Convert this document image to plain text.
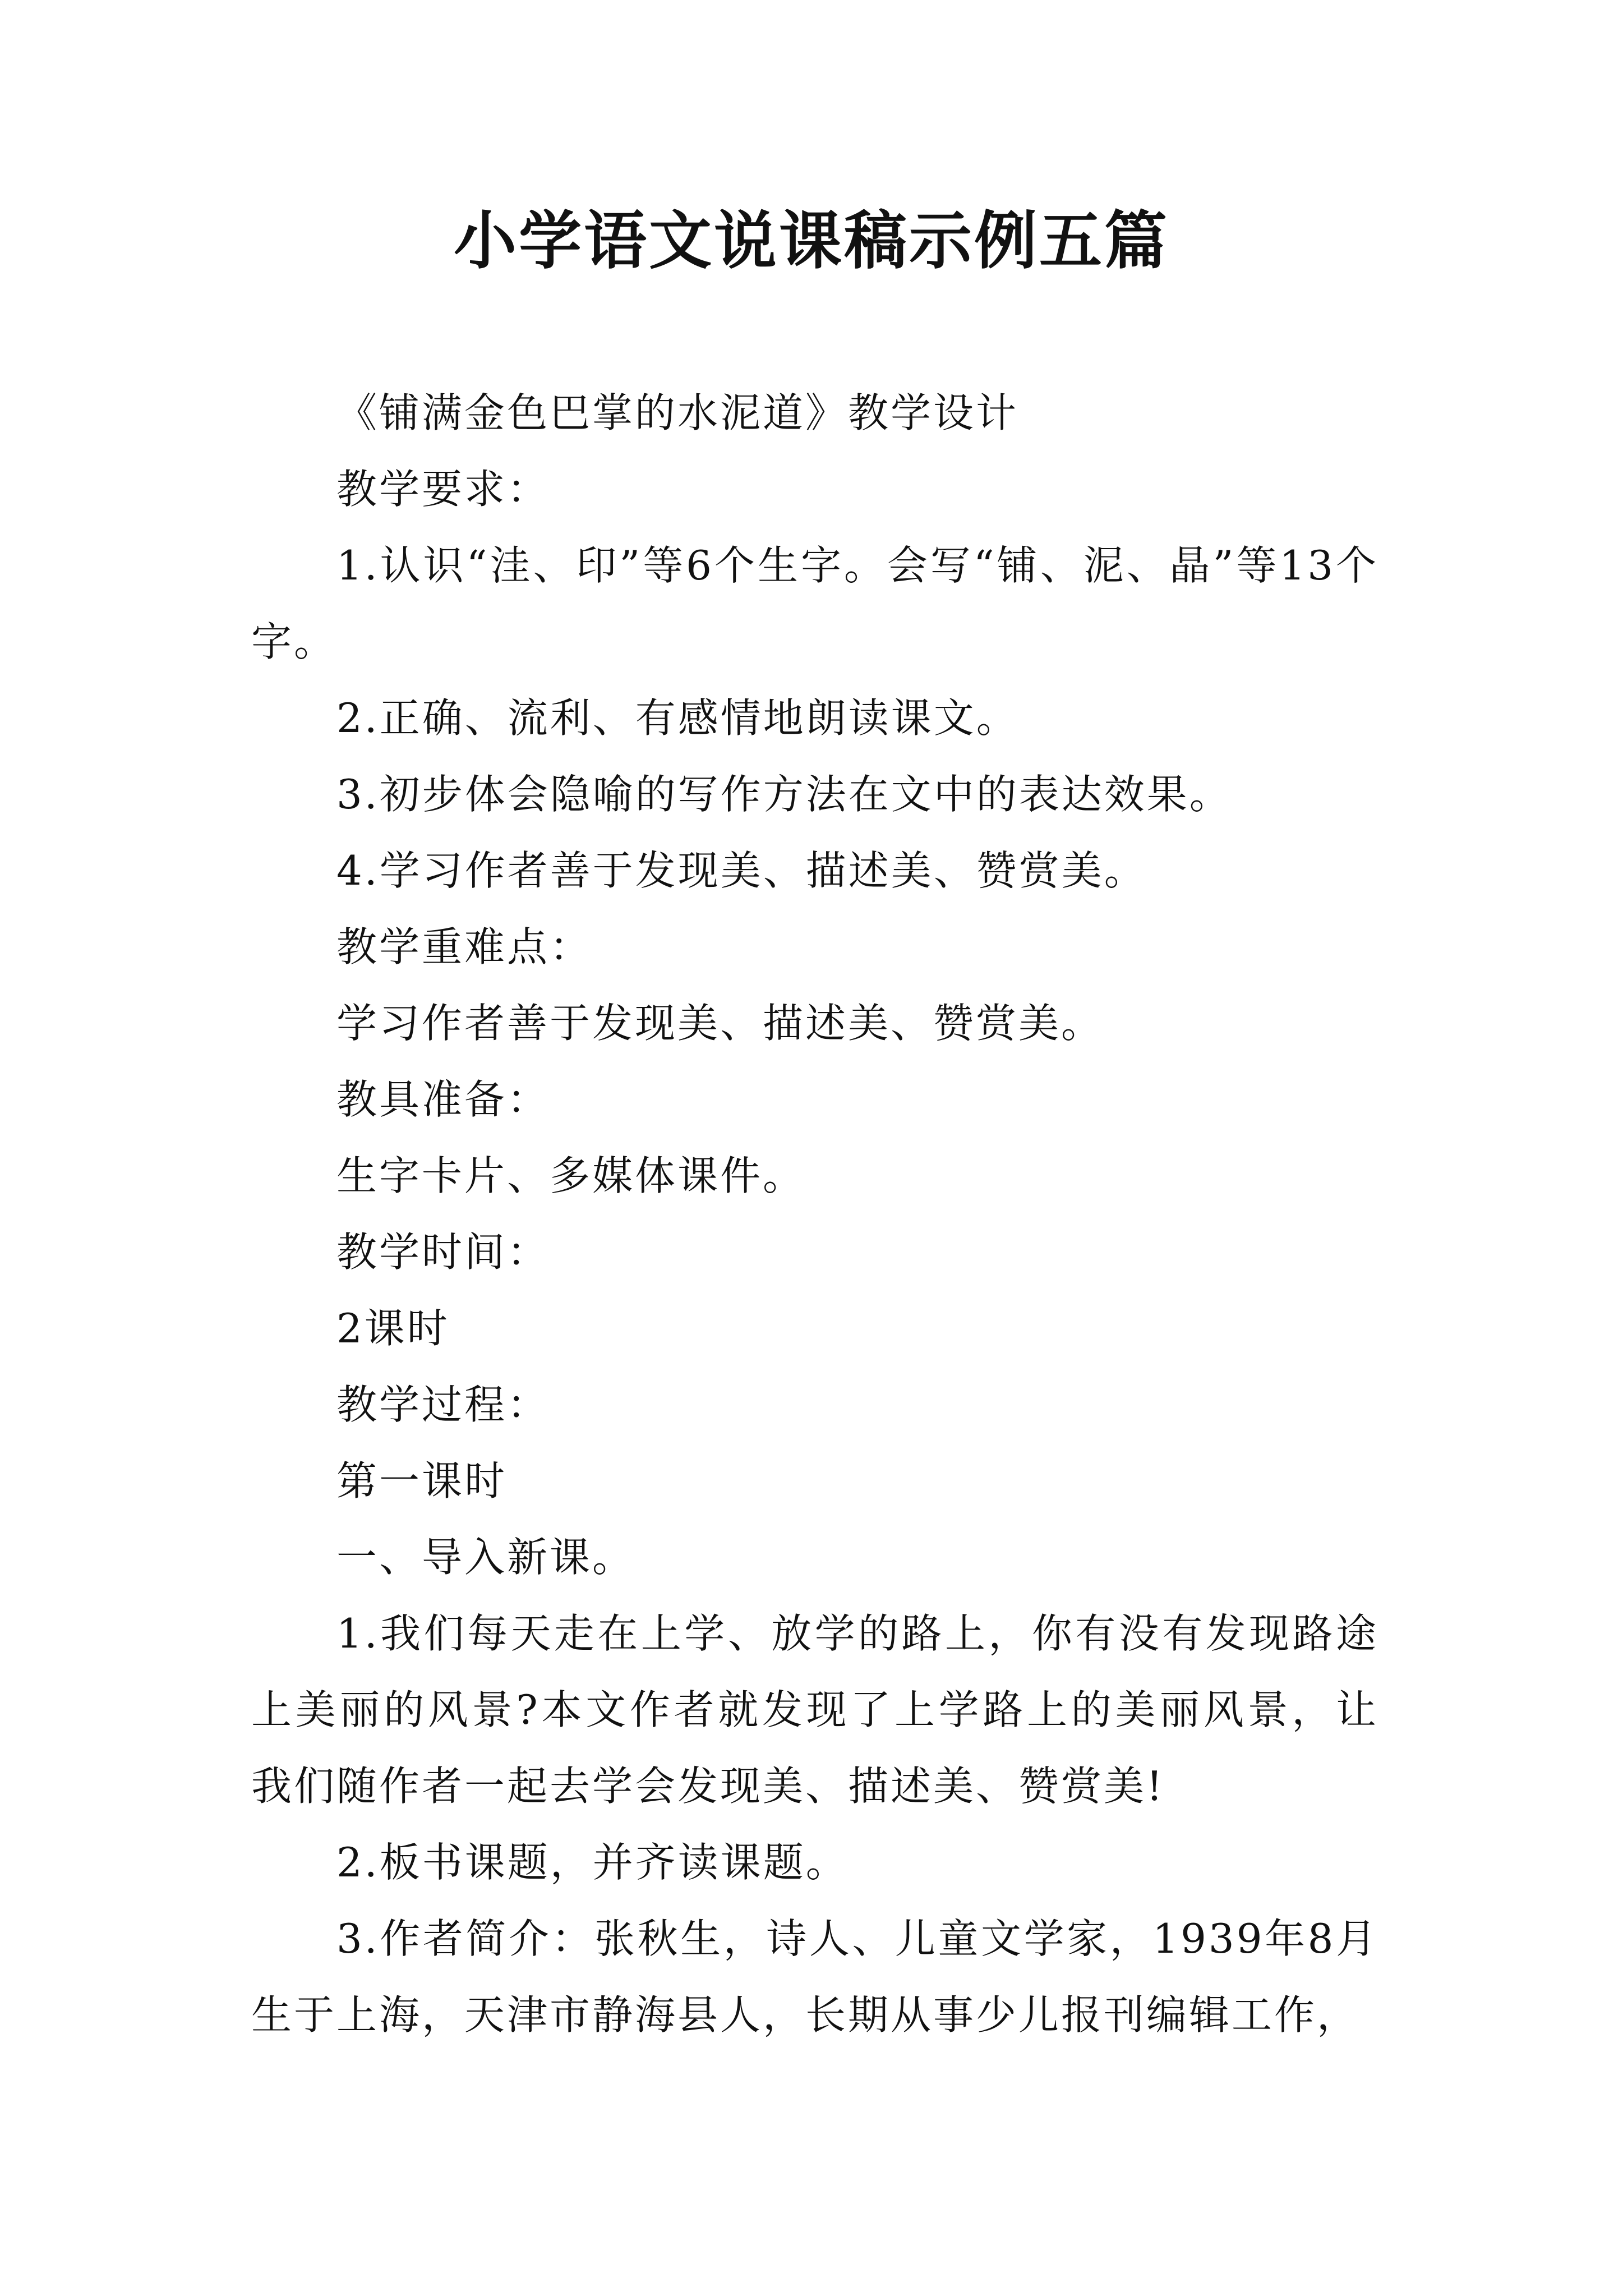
小学语文说课稿示例五篇

《铺满金色巴掌的水泥道》教学设计

教学要求：

1.认识“洼、印”等6个生字。会写“铺、泥、晶”等13个字。

2.正确、流利、有感情地朗读课文。

3.初步体会隐喻的写作方法在文中的表达效果。

4.学习作者善于发现美、描述美、赞赏美。

教学重难点：

学习作者善于发现美、描述美、赞赏美。

教具准备：

生字卡片、多媒体课件。

教学时间：

2课时

教学过程：

第一课时

一、导入新课。

1.我们每天走在上学、放学的路上，你有没有发现路途上美丽的风景?本文作者就发现了上学路上的美丽风景，让我们随作者一起去学会发现美、描述美、赞赏美!

2.板书课题，并齐读课题。

3.作者简介：张秋生，诗人、儿童文学家，1939年8月生于上海，天津市静海县人，长期从事少儿报刊编辑工作，
